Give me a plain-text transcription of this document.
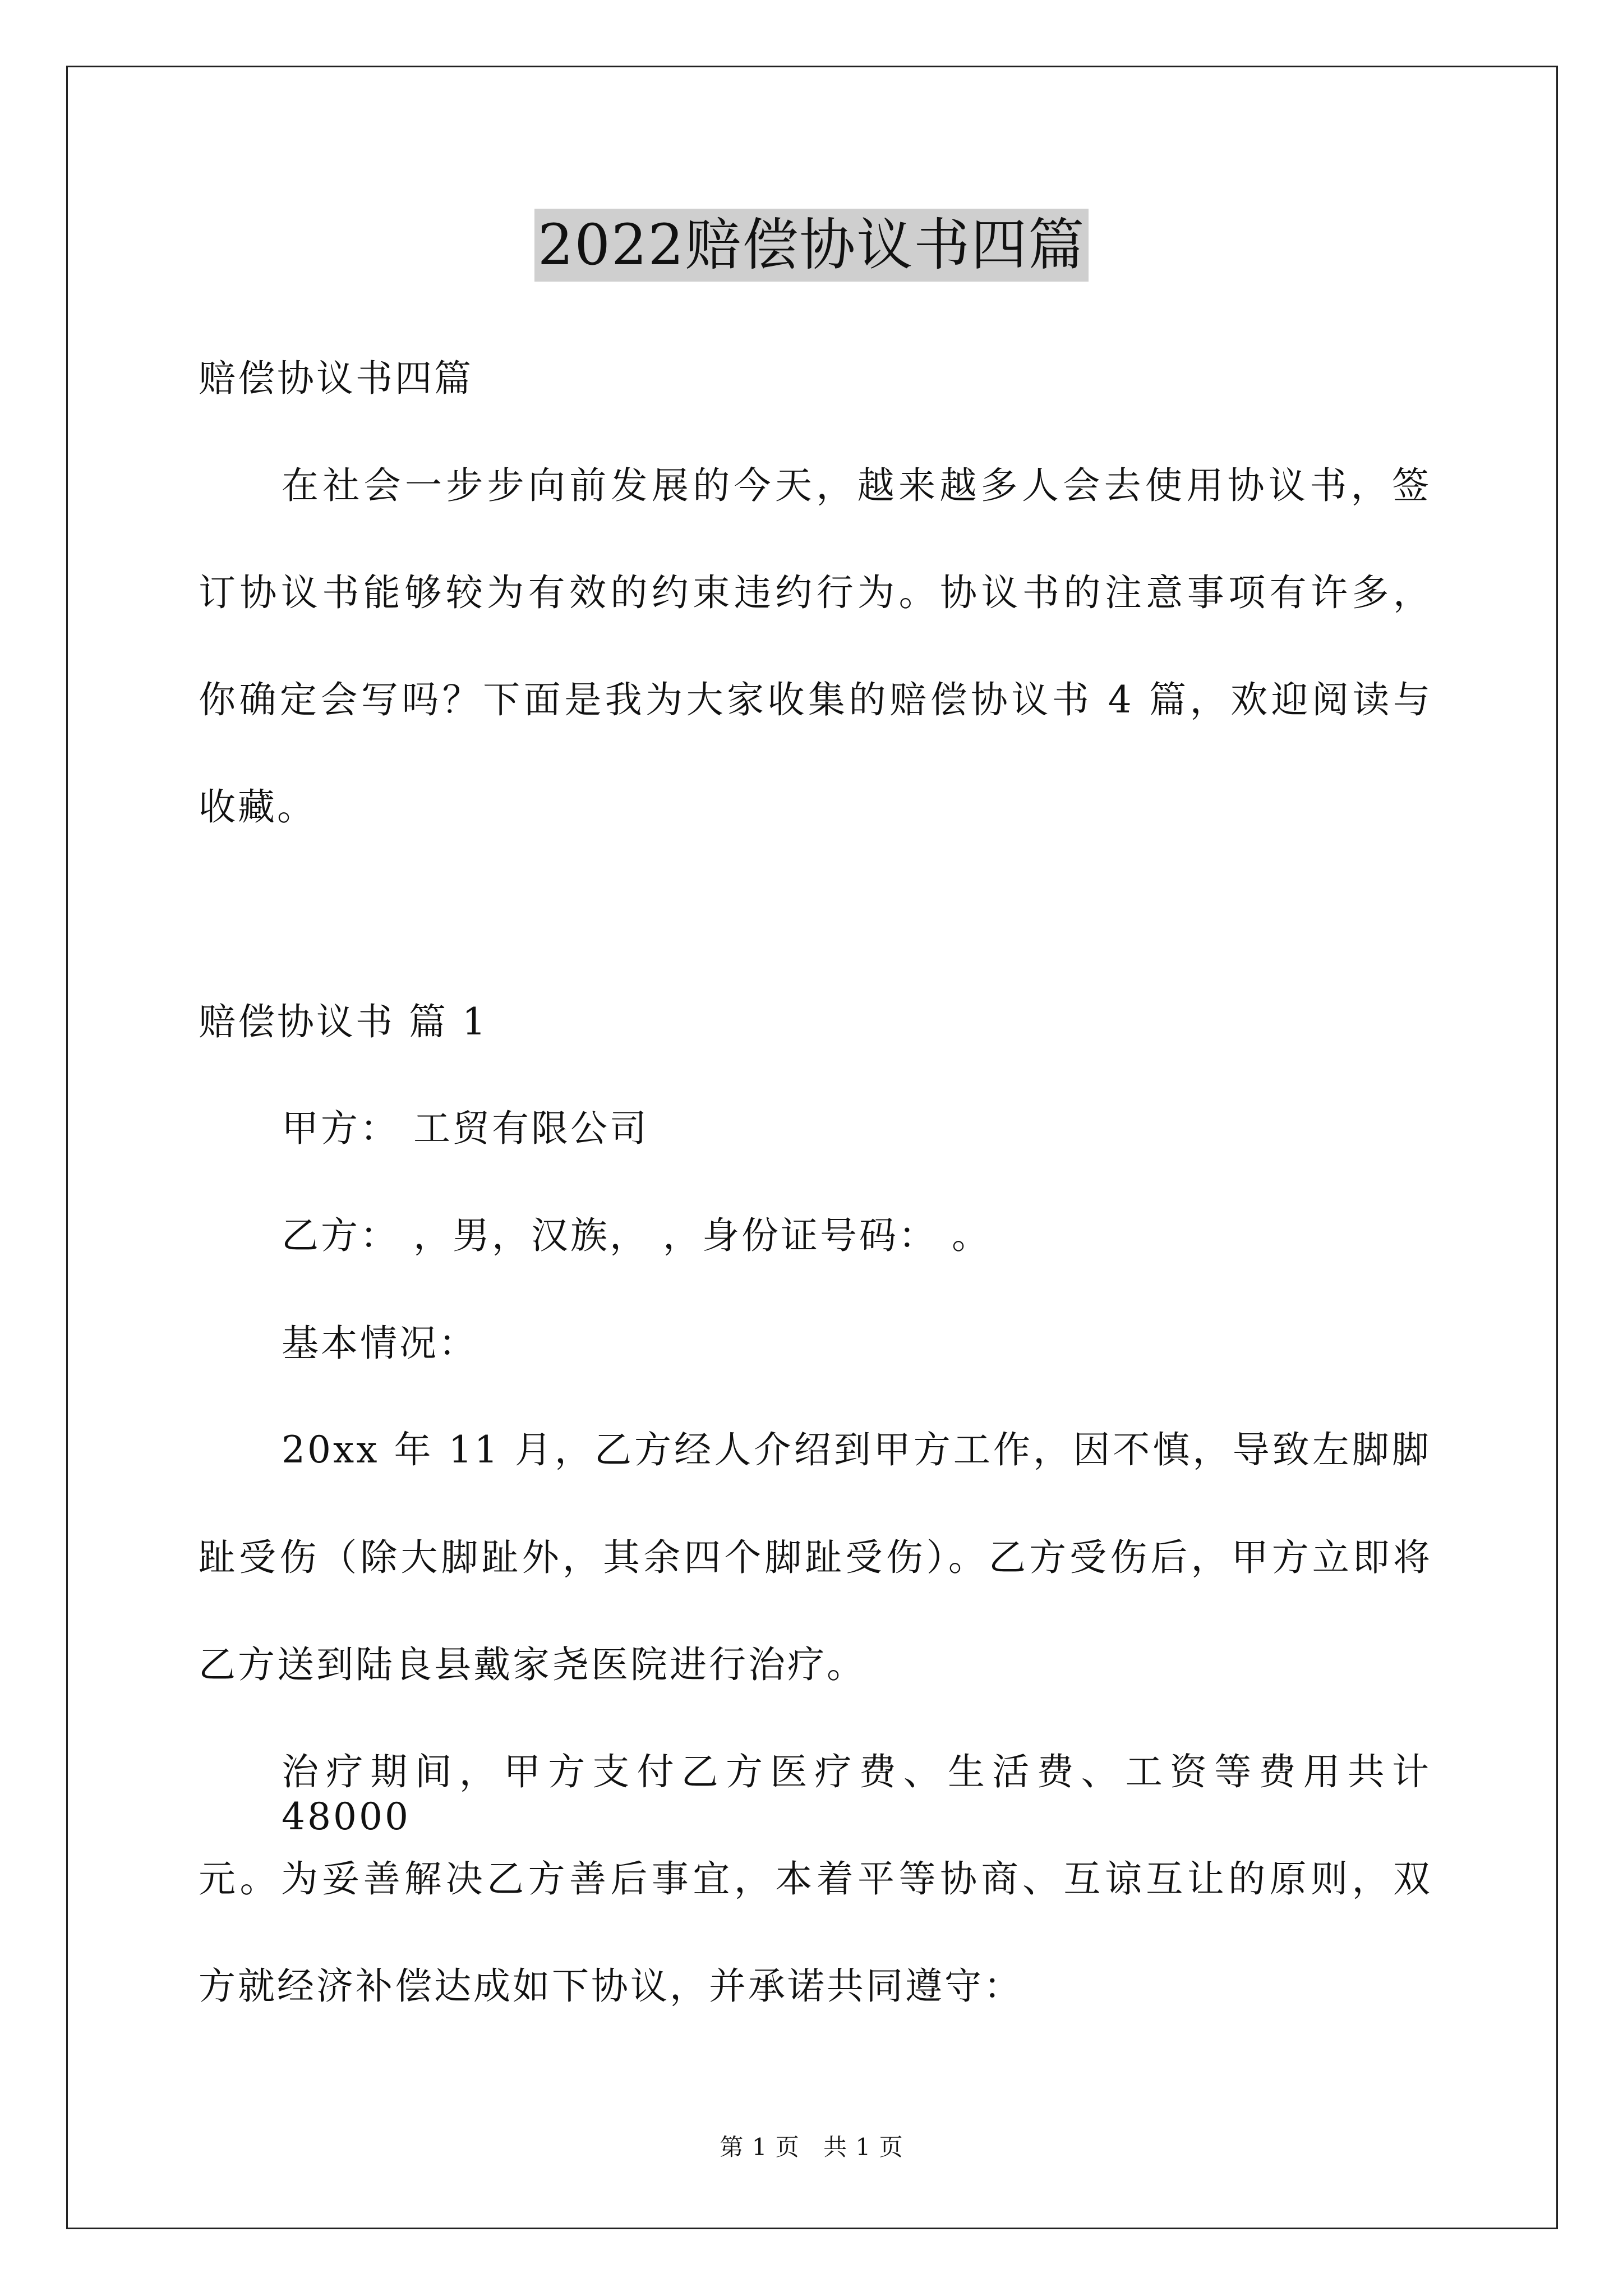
2022赔偿协议书四篇
赔偿协议书四篇
在社会一步步向前发展的今天，越来越多人会去使用协议书，签
订协议书能够较为有效的约束违约行为。协议书的注意事项有许多，
你确定会写吗？下面是我为大家收集的赔偿协议书 4 篇，欢迎阅读与
收藏。
赔偿协议书 篇 1
甲方： 工贸有限公司
乙方： ，男，汉族， ，身份证号码： 。
基本情况：
20xx 年 11 月，乙方经人介绍到甲方工作，因不慎，导致左脚脚
趾受伤（除大脚趾外，其余四个脚趾受伤）。乙方受伤后，甲方立即将
乙方送到陆良县戴家尧医院进行治疗。
治疗期间，甲方支付乙方医疗费、生活费、工资等费用共计 48000
元。为妥善解决乙方善后事宜，本着平等协商、互谅互让的原则，双
方就经济补偿达成如下协议，并承诺共同遵守：
第 1 页 共 1 页
